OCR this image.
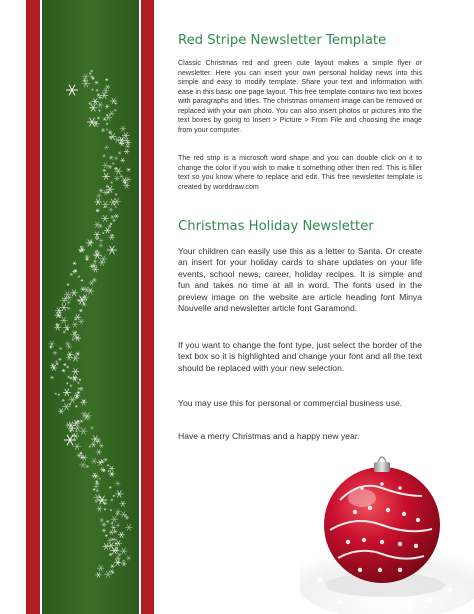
Red Stripe Newsletter Template

Classic Christmas red and green cute layout makes a simple flyer or newsletter. Here you can insert your own personal holiday news into this simple and easy to modify template. Share your text and information with ease in this basic one page layout. This free template contains two text boxes with paragraphs and titles. The christmas ornament image can be removed or replaced with your own photo. You can also insert photos or pictures into the text boxes by going to Insert > Picture > From File and choosing the image from your computer.

The red strip is a microsoft word shape and you can double click on it to change the color if you wish to make it something other then red. This is filler text so you know where to replace and edit. This free newsletter template is created by worddraw.com

Christmas Holiday Newsletter

Your children can easily use this as a letter to Santa. Or create an insert for your holiday cards to share updates on your life events, school news, career, holiday recipes. It is simple and fun and takes no time at all in word. The fonts used in the preview image on the website are article heading font Minya Nouvelle and newsletter article font Garamond.

If you want to change the font type, just select the border of the text box so it is highlighted and change your font and all the text should be replaced with your new selection.

You may use this for personal or commercial business use.

Have a merry Christmas and a happy new year.
